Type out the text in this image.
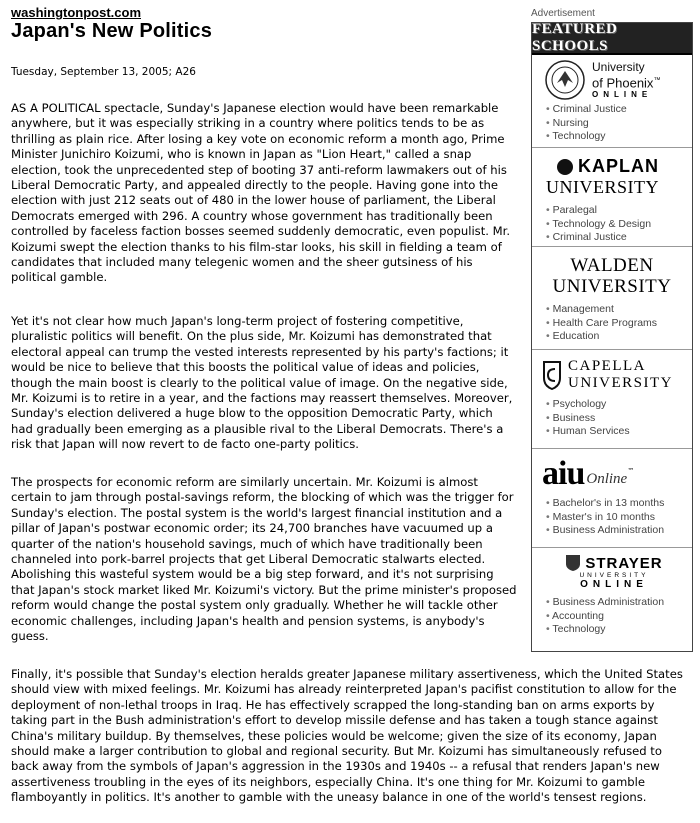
washingtonpost.com
Japan's New Politics
Tuesday, September 13, 2005; A26

AS A POLITICAL spectacle, Sunday's Japanese election would have been remarkable anywhere, but it was especially striking in a country where politics tends to be as thrilling as plain rice. After losing a key vote on economic reform a month ago, Prime Minister Junichiro Koizumi, who is known in Japan as "Lion Heart," called a snap election, took the unprecedented step of booting 37 anti-reform lawmakers out of his Liberal Democratic Party, and appealed directly to the people. Having gone into the election with just 212 seats out of 480 in the lower house of parliament, the Liberal Democrats emerged with 296. A country whose government has traditionally been controlled by faceless faction bosses seemed suddenly democratic, even populist. Mr. Koizumi swept the election thanks to his film-star looks, his skill in fielding a team of candidates that included many telegenic women and the sheer gutsiness of his political gamble.

Yet it's not clear how much Japan's long-term project of fostering competitive, pluralistic politics will benefit. On the plus side, Mr. Koizumi has demonstrated that electoral appeal can trump the vested interests represented by his party's factions; it would be nice to believe that this boosts the political value of ideas and policies, though the main boost is clearly to the political value of image. On the negative side, Mr. Koizumi is to retire in a year, and the factions may reassert themselves. Moreover, Sunday's election delivered a huge blow to the opposition Democratic Party, which had gradually been emerging as a plausible rival to the Liberal Democrats. There's a risk that Japan will now revert to de facto one-party politics.

The prospects for economic reform are similarly uncertain. Mr. Koizumi is almost certain to jam through postal-savings reform, the blocking of which was the trigger for Sunday's election. The postal system is the world's largest financial institution and a pillar of Japan's postwar economic order; its 24,700 branches have vacuumed up a quarter of the nation's household savings, much of which have traditionally been channeled into pork-barrel projects that get Liberal Democratic stalwarts elected. Abolishing this wasteful system would be a big step forward, and it's not surprising that Japan's stock market liked Mr. Koizumi's victory. But the prime minister's proposed reform would change the postal system only gradually. Whether he will tackle other economic challenges, including Japan's health and pension systems, is anybody's guess.

Finally, it's possible that Sunday's election heralds greater Japanese military assertiveness, which the United States should view with mixed feelings. Mr. Koizumi has already reinterpreted Japan's pacifist constitution to allow for the deployment of non-lethal troops in Iraq. He has effectively scrapped the long-standing ban on arms exports by taking part in the Bush administration's effort to develop missile defense and has taken a tough stance against China's military buildup. By themselves, these policies would be welcome; given the size of its economy, Japan should make a larger contribution to global and regional security. But Mr. Koizumi has simultaneously refused to back away from the symbols of Japan's aggression in the 1930s and 1940s -- a refusal that renders Japan's new assertiveness troubling in the eyes of its neighbors, especially China. It's one thing for Mr. Koizumi to gamble flamboyantly in politics. It's another to gamble with the uneasy balance in one of the world's tensest regions.

Advertisement
FEATURED SCHOOLS
University
of Phoenix™
ONLINE
• Criminal Justice
• Nursing
• Technology
KAPLAN
UNIVERSITY
• Paralegal
• Technology & Design
• Criminal Justice
WALDEN
UNIVERSITY
• Management
• Health Care Programs
• Education
CAPELLA
UNIVERSITY
• Psychology
• Business
• Human Services
aiu Online™
• Bachelor's in 13 months
• Master's in 10 months
• Business Administration
STRAYER
UNIVERSITY
ONLINE
• Business Administration
• Accounting
• Technology
